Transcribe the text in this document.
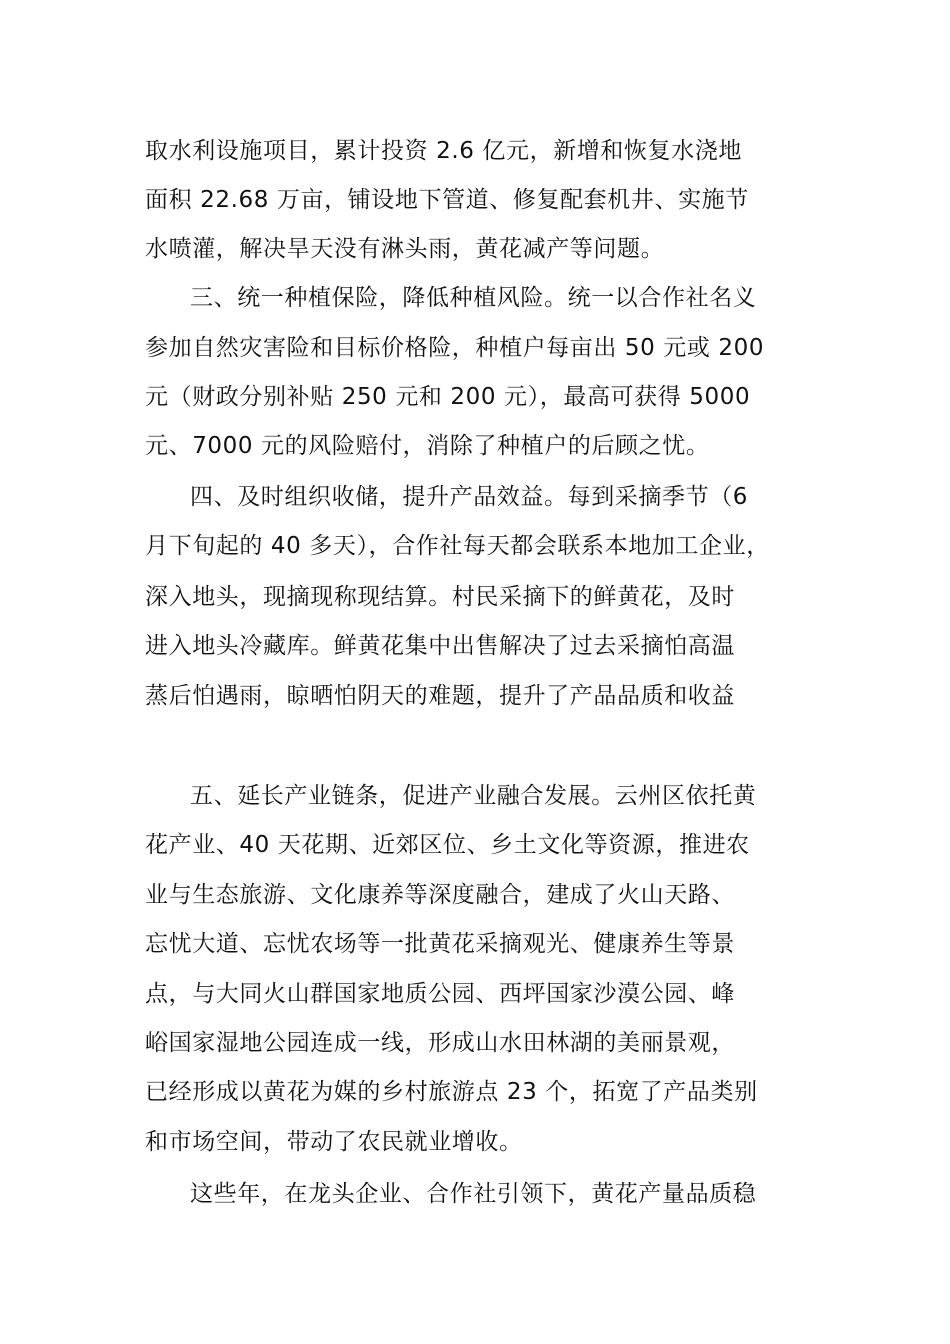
取水利设施项目，累计投资 2.6 亿元，新增和恢复水浇地
面积 22.68 万亩，铺设地下管道、修复配套机井、实施节
水喷灌，解决旱天没有淋头雨，黄花减产等问题。
三、统一种植保险，降低种植风险。统一以合作社名义
参加自然灾害险和目标价格险，种植户每亩出 50 元或 200
元（财政分别补贴 250 元和 200 元），最高可获得 5000
元、7000 元的风险赔付，消除了种植户的后顾之忧。
四、及时组织收储，提升产品效益。每到采摘季节（6
月下旬起的 40 多天），合作社每天都会联系本地加工企业，
深入地头，现摘现称现结算。村民采摘下的鲜黄花，及时
进入地头冷藏库。鲜黄花集中出售解决了过去采摘怕高温
蒸后怕遇雨，晾晒怕阴天的难题，提升了产品品质和收益
五、延长产业链条，促进产业融合发展。云州区依托黄
花产业、40 天花期、近郊区位、乡土文化等资源，推进农
业与生态旅游、文化康养等深度融合，建成了火山天路、
忘忧大道、忘忧农场等一批黄花采摘观光、健康养生等景
点，与大同火山群国家地质公园、西坪国家沙漠公园、峰
峪国家湿地公园连成一线，形成山水田林湖的美丽景观，
已经形成以黄花为媒的乡村旅游点 23 个，拓宽了产品类别
和市场空间，带动了农民就业增收。
这些年，在龙头企业、合作社引领下，黄花产量品质稳
